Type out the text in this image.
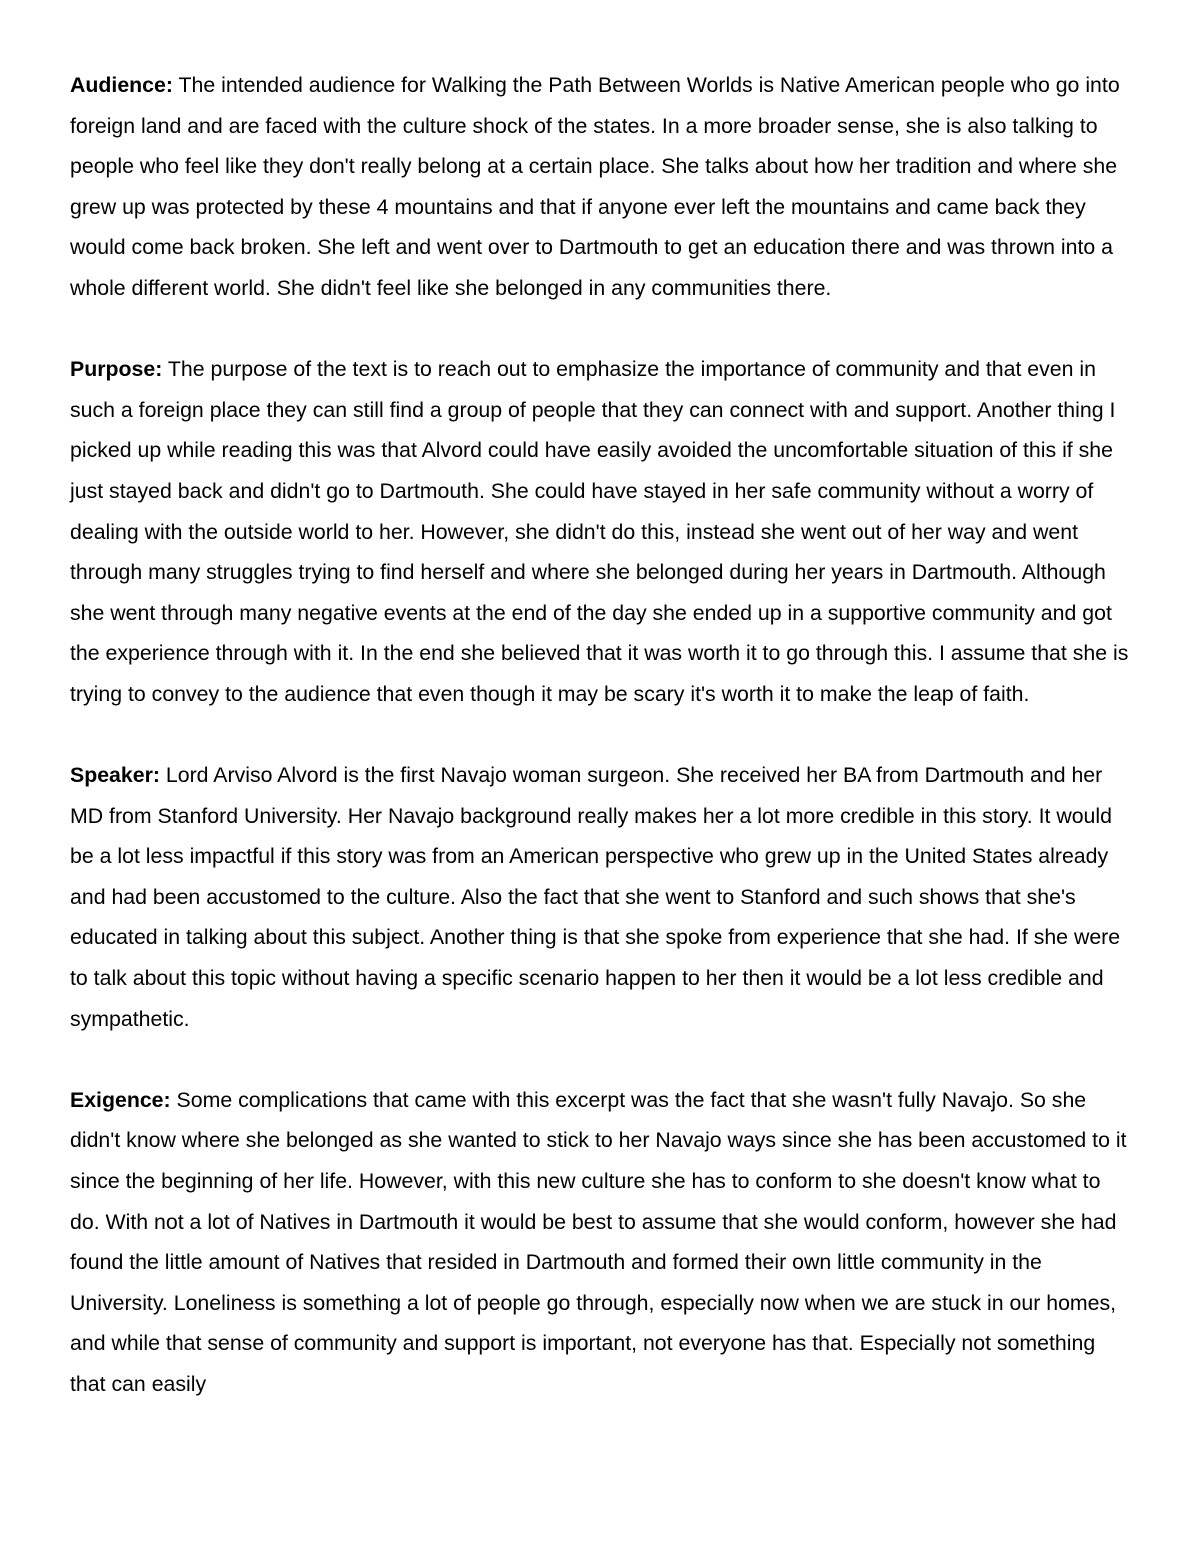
Audience: The intended audience for Walking the Path Between Worlds is Native American people who go into foreign land and are faced with the culture shock of the states. In a more broader sense, she is also talking to people who feel like they don't really belong at a certain place. She talks about how her tradition and where she grew up was protected by these 4 mountains and that if anyone ever left the mountains and came back they would come back broken. She left and went over to Dartmouth to get an education there and was thrown into a whole different world. She didn't feel like she belonged in any communities there.

Purpose: The purpose of the text is to reach out to emphasize the importance of community and that even in such a foreign place they can still find a group of people that they can connect with and support. Another thing I picked up while reading this was that Alvord could have easily avoided the uncomfortable situation of this if she just stayed back and didn't go to Dartmouth. She could have stayed in her safe community without a worry of dealing with the outside world to her. However, she didn't do this, instead she went out of her way and went through many struggles trying to find herself and where she belonged during her years in Dartmouth. Although she went through many negative events at the end of the day she ended up in a supportive community and got the experience through with it. In the end she believed that it was worth it to go through this. I assume that she is trying to convey to the audience that even though it may be scary it's worth it to make the leap of faith.

Speaker: Lord Arviso Alvord is the first Navajo woman surgeon. She received her BA from Dartmouth and her MD from Stanford University. Her Navajo background really makes her a lot more credible in this story. It would be a lot less impactful if this story was from an American perspective who grew up in the United States already and had been accustomed to the culture. Also the fact that she went to Stanford and such shows that she's educated in talking about this subject. Another thing is that she spoke from experience that she had. If she were to talk about this topic without having a specific scenario happen to her then it would be a lot less credible and sympathetic.

Exigence: Some complications that came with this excerpt was the fact that she wasn't fully Navajo. So she didn't know where she belonged as she wanted to stick to her Navajo ways since she has been accustomed to it since the beginning of her life. However, with this new culture she has to conform to she doesn't know what to do. With not a lot of Natives in Dartmouth it would be best to assume that she would conform, however she had found the little amount of Natives that resided in Dartmouth and formed their own little community in the University. Loneliness is something a lot of people go through, especially now when we are stuck in our homes, and while that sense of community and support is important, not everyone has that. Especially not something that can easily
